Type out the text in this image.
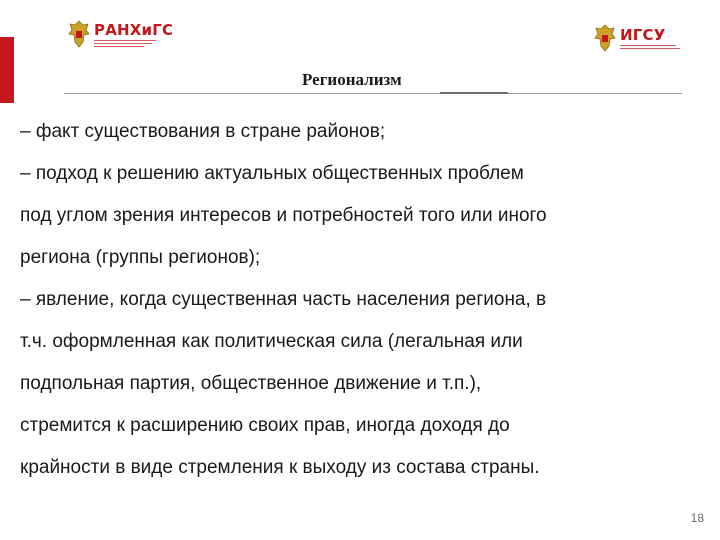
РАНХиГС	ИГСУ
Регионализм
– факт существования в стране районов;
– подход к решению актуальных общественных проблем
под углом зрения интересов и потребностей того или иного
региона (группы регионов);
– явление, когда существенная часть населения региона, в
т.ч. оформленная как политическая сила (легальная или
подпольная партия, общественное движение и т.п.),
стремится к расширению своих прав, иногда доходя до
крайности в виде стремления к выходу из состава страны.
18
